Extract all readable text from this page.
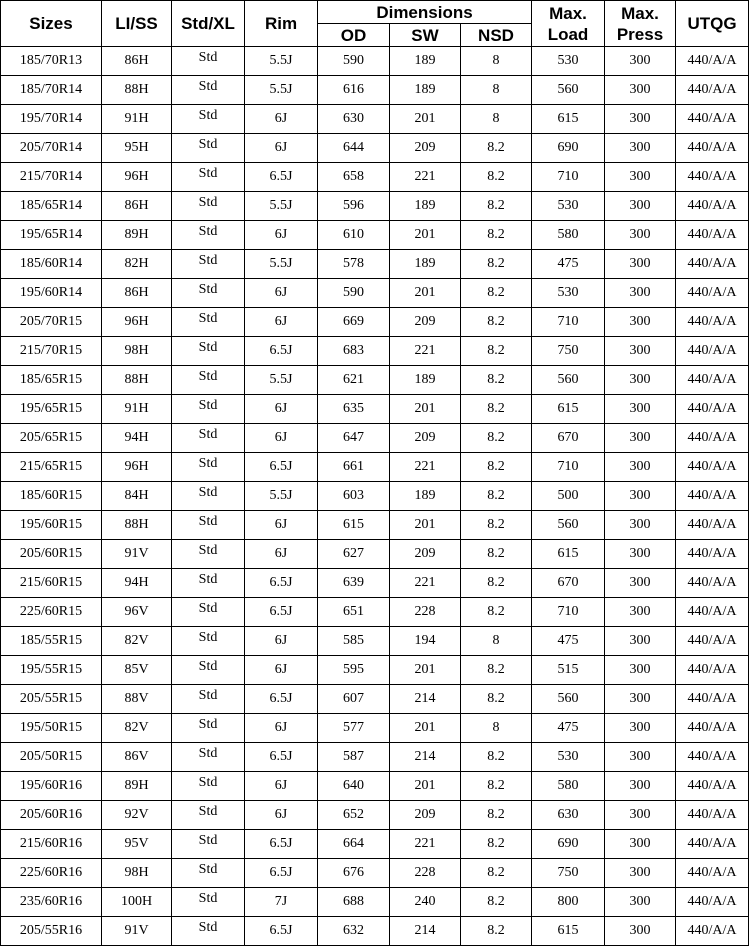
Sizes	LI/SS	Std/XL	Rim	Dimensions			Max. Load	Max. Press	UTQG
				OD	SW	NSD			
185/70R13	86H	Std	5.5J	590	189	8	530	300	440/A/A
185/70R14	88H	Std	5.5J	616	189	8	560	300	440/A/A
195/70R14	91H	Std	6J	630	201	8	615	300	440/A/A
205/70R14	95H	Std	6J	644	209	8.2	690	300	440/A/A
215/70R14	96H	Std	6.5J	658	221	8.2	710	300	440/A/A
185/65R14	86H	Std	5.5J	596	189	8.2	530	300	440/A/A
195/65R14	89H	Std	6J	610	201	8.2	580	300	440/A/A
185/60R14	82H	Std	5.5J	578	189	8.2	475	300	440/A/A
195/60R14	86H	Std	6J	590	201	8.2	530	300	440/A/A
205/70R15	96H	Std	6J	669	209	8.2	710	300	440/A/A
215/70R15	98H	Std	6.5J	683	221	8.2	750	300	440/A/A
185/65R15	88H	Std	5.5J	621	189	8.2	560	300	440/A/A
195/65R15	91H	Std	6J	635	201	8.2	615	300	440/A/A
205/65R15	94H	Std	6J	647	209	8.2	670	300	440/A/A
215/65R15	96H	Std	6.5J	661	221	8.2	710	300	440/A/A
185/60R15	84H	Std	5.5J	603	189	8.2	500	300	440/A/A
195/60R15	88H	Std	6J	615	201	8.2	560	300	440/A/A
205/60R15	91V	Std	6J	627	209	8.2	615	300	440/A/A
215/60R15	94H	Std	6.5J	639	221	8.2	670	300	440/A/A
225/60R15	96V	Std	6.5J	651	228	8.2	710	300	440/A/A
185/55R15	82V	Std	6J	585	194	8	475	300	440/A/A
195/55R15	85V	Std	6J	595	201	8.2	515	300	440/A/A
205/55R15	88V	Std	6.5J	607	214	8.2	560	300	440/A/A
195/50R15	82V	Std	6J	577	201	8	475	300	440/A/A
205/50R15	86V	Std	6.5J	587	214	8.2	530	300	440/A/A
195/60R16	89H	Std	6J	640	201	8.2	580	300	440/A/A
205/60R16	92V	Std	6J	652	209	8.2	630	300	440/A/A
215/60R16	95V	Std	6.5J	664	221	8.2	690	300	440/A/A
225/60R16	98H	Std	6.5J	676	228	8.2	750	300	440/A/A
235/60R16	100H	Std	7J	688	240	8.2	800	300	440/A/A
205/55R16	91V	Std	6.5J	632	214	8.2	615	300	440/A/A
